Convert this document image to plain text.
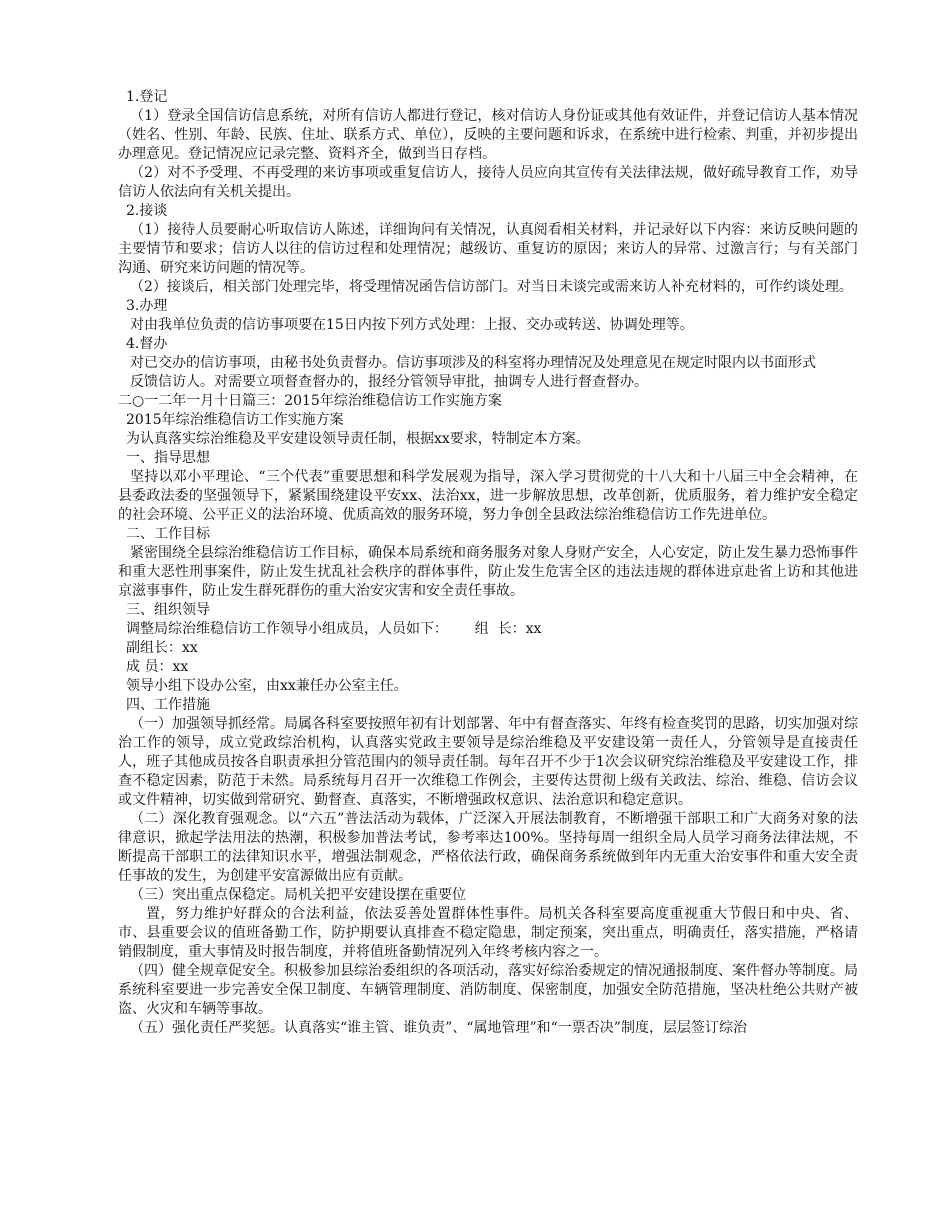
1.登记

（1）登录全国信访信息系统，对所有信访人都进行登记，核对信访人身份证或其他有效证件，并登记信访人基本情况（姓名、性别、年龄、民族、住址、联系方式、单位），反映的主要问题和诉求，在系统中进行检索、判重，并初步提出办理意见。登记情况应记录完整、资料齐全，做到当日存档。

（2）对不予受理、不再受理的来访事项或重复信访人，接待人员应向其宣传有关法律法规，做好疏导教育工作，劝导信访人依法向有关机关提出。

2.接谈

（1）接待人员要耐心听取信访人陈述，详细询问有关情况，认真阅看相关材料，并记录好以下内容：来访反映问题的主要情节和要求；信访人以往的信访过程和处理情况；越级访、重复访的原因；来访人的异常、过激言行；与有关部门沟通、研究来访问题的情况等。

（2）接谈后，相关部门处理完毕，将受理情况函告信访部门。对当日未谈完或需来访人补充材料的，可作约谈处理。

3.办理

对由我单位负责的信访事项要在15日内按下列方式处理：上报、交办或转送、协调处理等。

4.督办

对已交办的信访事项，由秘书处负责督办。信访事项涉及的科室将办理情况及处理意见在规定时限内以书面形式

反馈信访人。对需要立项督查督办的，报经分管领导审批，抽调专人进行督查督办。

二○一二年一月十日篇三：2015年综治维稳信访工作实施方案

2015年综治维稳信访工作实施方案

为认真落实综治维稳及平安建设领导责任制，根据xx要求，特制定本方案。

一、指导思想

坚持以邓小平理论、“三个代表”重要思想和科学发展观为指导，深入学习贯彻党的十八大和十八届三中全会精神，在县委政法委的坚强领导下，紧紧围绕建设平安xx、法治xx，进一步解放思想，改革创新，优质服务，着力维护安全稳定的社会环境、公平正义的法治环境、优质高效的服务环境，努力争创全县政法综治维稳信访工作先进单位。

二、工作目标

紧密围绕全县综治维稳信访工作目标，确保本局系统和商务服务对象人身财产安全，人心安定，防止发生暴力恐怖事件和重大恶性刑事案件，防止发生扰乱社会秩序的群体事件，防止发生危害全区的违法违规的群体进京赴省上访和其他进京滋事事件，防止发生群死群伤的重大治安灾害和安全责任事故。

三、组织领导

调整局综治维稳信访工作领导小组成员，人员如下：      组  长：xx

副组长：xx

成 员：xx

领导小组下设办公室，由xx兼任办公室主任。

四、工作措施

（一）加强领导抓经常。局属各科室要按照年初有计划部署、年中有督查落实、年终有检查奖罚的思路，切实加强对综治工作的领导，成立党政综治机构，认真落实党政主要领导是综治维稳及平安建设第一责任人，分管领导是直接责任人，班子其他成员按各自职责承担分管范围内的领导责任制。每年召开不少于1次会议研究综治维稳及平安建设工作，排查不稳定因素，防范于未然。局系统每月召开一次维稳工作例会，主要传达贯彻上级有关政法、综治、维稳、信访会议或文件精神，切实做到常研究、勤督查、真落实，不断增强政权意识、法治意识和稳定意识。

（二）深化教育强观念。以“六五”普法活动为载体，广泛深入开展法制教育，不断增强干部职工和广大商务对象的法律意识，掀起学法用法的热潮，积极参加普法考试，参考率达100%。坚持每周一组织全局人员学习商务法律法规，不断提高干部职工的法律知识水平，增强法制观念，严格依法行政，确保商务系统做到年内无重大治安事件和重大安全责任事故的发生，为创建平安富源做出应有贡献。

（三）突出重点保稳定。局机关把平安建设摆在重要位

置，努力维护好群众的合法利益，依法妥善处置群体性事件。局机关各科室要高度重视重大节假日和中央、省、市、县重要会议的值班备勤工作，防护期要认真排查不稳定隐患，制定预案，突出重点，明确责任，落实措施，严格请销假制度，重大事情及时报告制度，并将值班备勤情况列入年终考核内容之一。

（四）健全规章促安全。积极参加县综治委组织的各项活动，落实好综治委规定的情况通报制度、案件督办等制度。局系统科室要进一步完善安全保卫制度、车辆管理制度、消防制度、保密制度，加强安全防范措施，坚决杜绝公共财产被盗、火灾和车辆等事故。

（五）强化责任严奖惩。认真落实“谁主管、谁负责”、“属地管理”和“一票否决”制度，层层签订综治
